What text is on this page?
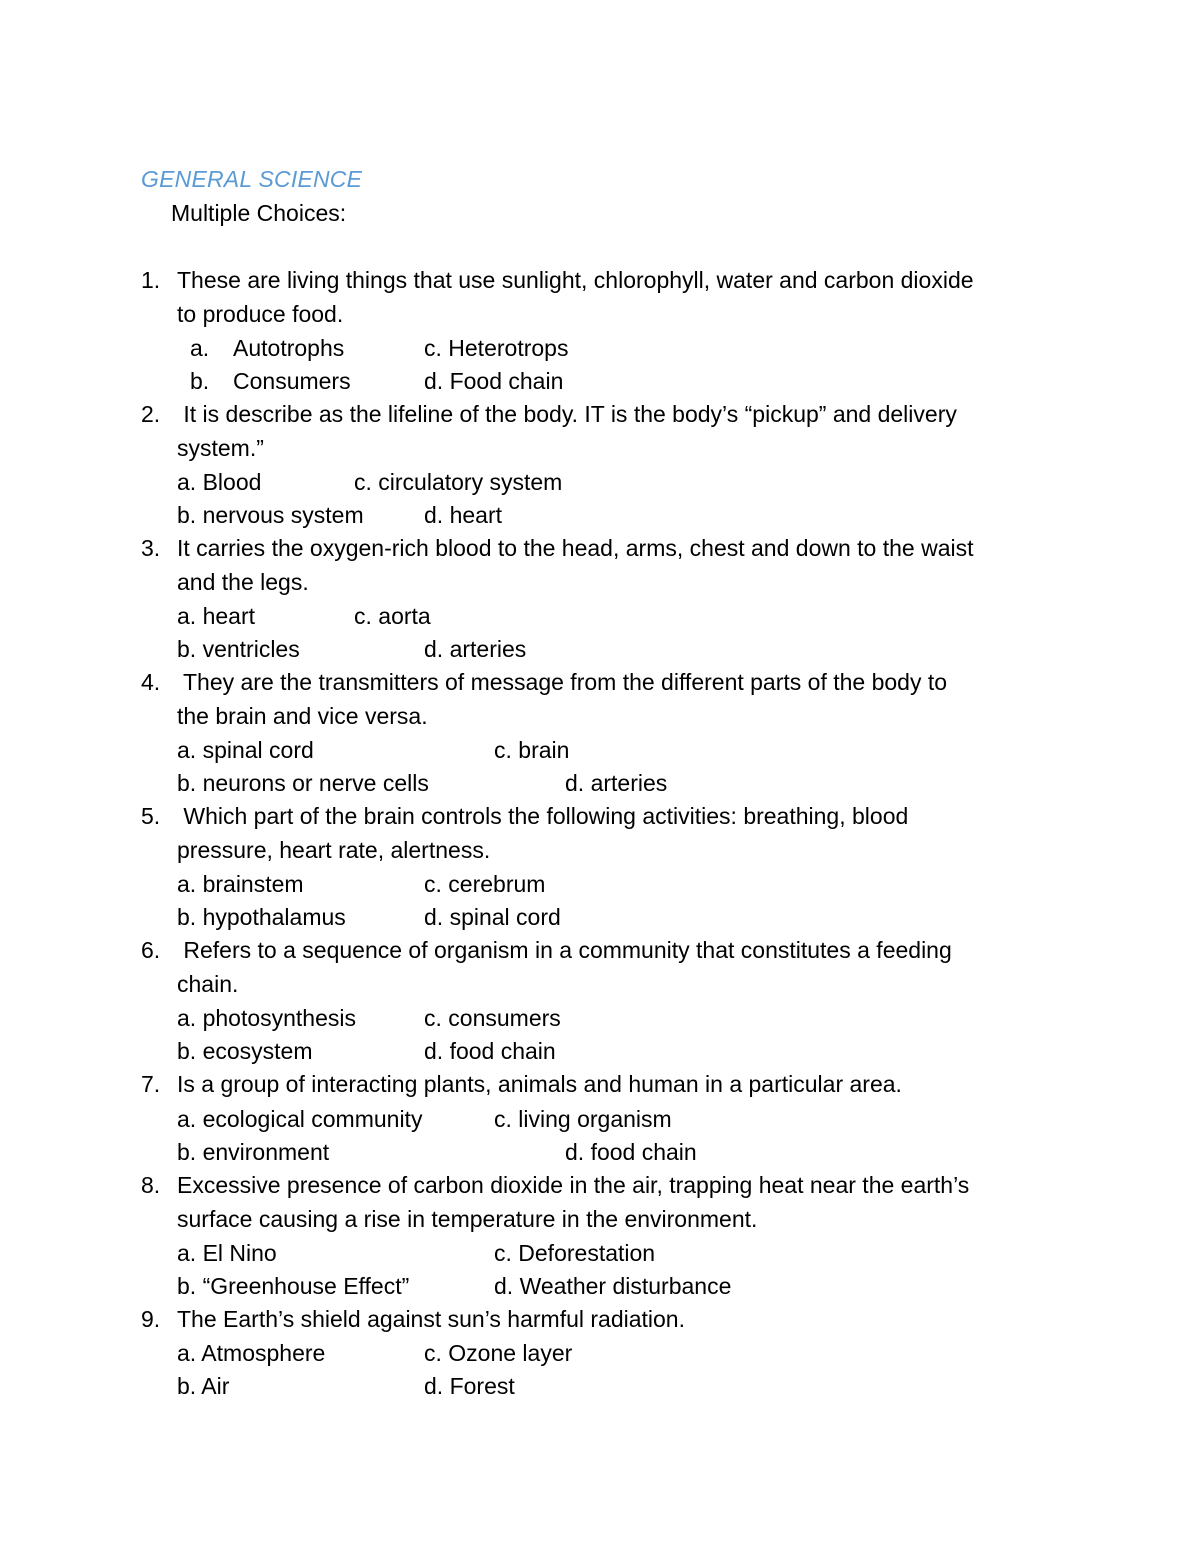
GENERAL SCIENCE
Multiple Choices:
1. These are living things that use sunlight, chlorophyll, water and carbon dioxide
to produce food.
a. Autotrophs	c. Heterotrops
b. Consumers	d. Food chain
2. It is describe as the lifeline of the body. IT is the body’s “pickup” and delivery
system.”
a. Blood	c. circulatory system
b. nervous system	d. heart
3. It carries the oxygen-rich blood to the head, arms, chest and down to the waist
and the legs.
a. heart	c. aorta
b. ventricles	d. arteries
4. They are the transmitters of message from the different parts of the body to
the brain and vice versa.
a. spinal cord	c. brain
b. neurons or nerve cells	d. arteries
5. Which part of the brain controls the following activities: breathing, blood
pressure, heart rate, alertness.
a. brainstem	c. cerebrum
b. hypothalamus	d. spinal cord
6. Refers to a sequence of organism in a community that constitutes a feeding
chain.
a. photosynthesis	c. consumers
b. ecosystem	d. food chain
7. Is a group of interacting plants, animals and human in a particular area.
a. ecological community	c. living organism
b. environment	d. food chain
8. Excessive presence of carbon dioxide in the air, trapping heat near the earth’s
surface causing a rise in temperature in the environment.
a. El Nino	c. Deforestation
b. “Greenhouse Effect”	d. Weather disturbance
9. The Earth’s shield against sun’s harmful radiation.
a. Atmosphere	c. Ozone layer
b. Air	d. Forest
